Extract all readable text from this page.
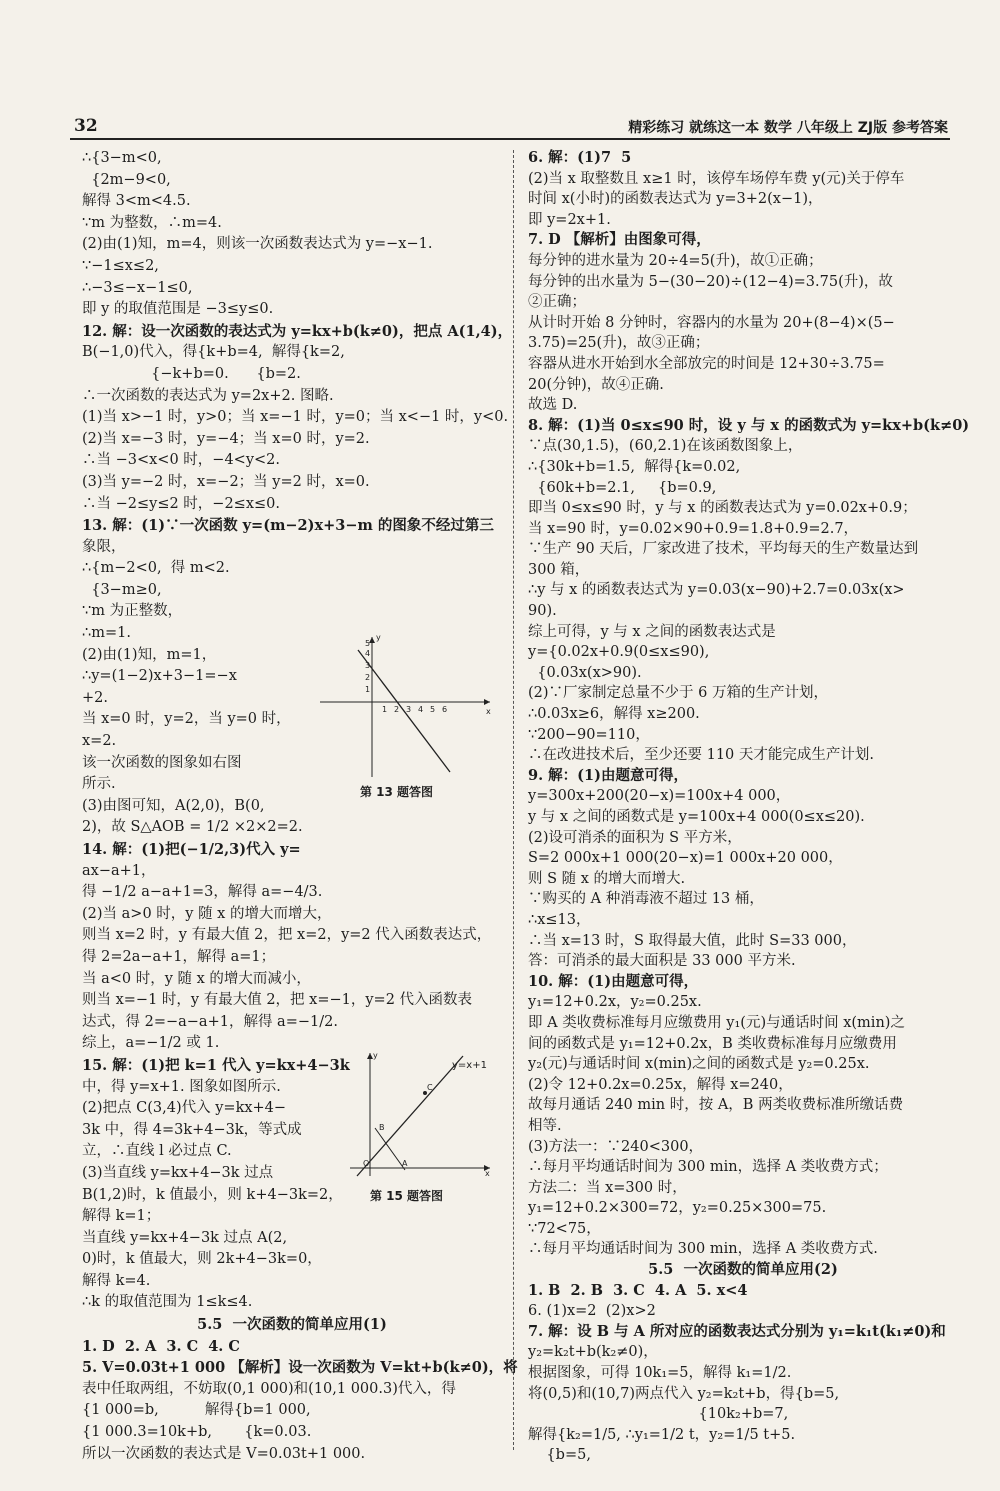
32	精彩练习 就练这一本 数学 八年级上 ZJ版 参考答案
∴{3−m<0,
{2m−9<0,
解得 3<m<4.5.
∵m 为整数，∴m=4.
(2)由(1)知，m=4，则该一次函数表达式为 y=−x−1.
∵−1≤x≤2,
∴−3≤−x−1≤0,
即 y 的取值范围是 −3≤y≤0.
12. 解：设一次函数的表达式为 y=kx+b(k≠0)，把点 A(1,4)，
B(−1,0)代入，得{k+b=4,  解得{k=2,
{−k+b=0.      {b=2.
∴一次函数的表达式为 y=2x+2. 图略.
(1)当 x>−1 时，y>0；当 x=−1 时，y=0；当 x<−1 时，y<0.
(2)当 x=−3 时，y=−4；当 x=0 时，y=2.
∴当 −3<x<0 时，−4<y<2.
(3)当 y=−2 时，x=−2；当 y=2 时，x=0.
∴当 −2≤y≤2 时，−2≤x≤0.
13. 解：(1)∵一次函数 y=(m−2)x+3−m 的图象不经过第三
象限，
∴{m−2<0,  得 m<2.
{3−m≥0,
∵m 为正整数，
∴m=1.
(2)由(1)知，m=1，
∴y=(1−2)x+3−1=−x
+2.
当 x=0 时，y=2，当 y=0 时，
x=2.
该一次函数的图象如右图
所示.
(3)由图可知，A(2,0)，B(0,
2)，故 S△AOB = 1/2 ×2×2=2.
14. 解：(1)把(−1/2,3)代入 y=
ax−a+1，
得 −1/2 a−a+1=3，解得 a=−4/3.
(2)当 a>0 时，y 随 x 的增大而增大，
则当 x=2 时，y 有最大值 2，把 x=2，y=2 代入函数表达式，
得 2=2a−a+1，解得 a=1；
当 a<0 时，y 随 x 的增大而减小，
则当 x=−1 时，y 有最大值 2，把 x=−1，y=2 代入函数表
达式，得 2=−a−a+1，解得 a=−1/2.
综上，a=−1/2 或 1.
15. 解：(1)把 k=1 代入 y=kx+4−3k
中，得 y=x+1. 图象如图所示.
(2)把点 C(3,4)代入 y=kx+4−
3k 中，得 4=3k+4−3k，等式成
立，∴直线 l 必过点 C.
(3)当直线 y=kx+4−3k 过点
B(1,2)时，k 值最小，则 k+4−3k=2，
解得 k=1；
当直线 y=kx+4−3k 过点 A(2,
0)时，k 值最大，则 2k+4−3k=0，
解得 k=4.
∴k 的取值范围为 1≤k≤4.
5.5  一次函数的简单应用(1)
1. D  2. A  3. C  4. C
5. V=0.03t+1 000 【解析】设一次函数为 V=kt+b(k≠0)，将
表中任取两组，不妨取(0,1 000)和(10,1 000.3)代入，得
{1 000=b,          解得{b=1 000,
{1 000.3=10k+b,       {k=0.03.
所以一次函数的表达式是 V=0.03t+1 000.
6. 解：(1)7  5
(2)当 x 取整数且 x≥1 时，该停车场停车费 y(元)关于停车
时间 x(小时)的函数表达式为 y=3+2(x−1)，
即 y=2x+1.
7. D 【解析】由图象可得，
每分钟的进水量为 20÷4=5(升)，故①正确；
每分钟的出水量为 5−(30−20)÷(12−4)=3.75(升)，故
②正确；
从计时开始 8 分钟时，容器内的水量为 20+(8−4)×(5−
3.75)=25(升)，故③正确；
容器从进水开始到水全部放完的时间是 12+30÷3.75=
20(分钟)，故④正确.
故选 D.
8. 解：(1)当 0≤x≤90 时，设 y 与 x 的函数式为 y=kx+b(k≠0)
∵点(30,1.5)，(60,2.1)在该函数图象上，
∴{30k+b=1.5,  解得{k=0.02,
{60k+b=2.1,     {b=0.9,
即当 0≤x≤90 时，y 与 x 的函数表达式为 y=0.02x+0.9；
当 x=90 时，y=0.02×90+0.9=1.8+0.9=2.7，
∵生产 90 天后，厂家改进了技术，平均每天的生产数量达到
300 箱，
∴y 与 x 的函数表达式为 y=0.03(x−90)+2.7=0.03x(x>
90).
综上可得，y 与 x 之间的函数表达式是
y={0.02x+0.9(0≤x≤90),
{0.03x(x>90).
(2)∵厂家制定总量不少于 6 万箱的生产计划，
∴0.03x≥6，解得 x≥200.
∵200−90=110，
∴在改进技术后，至少还要 110 天才能完成生产计划.
9. 解：(1)由题意可得，
y=300x+200(20−x)=100x+4 000，
y 与 x 之间的函数式是 y=100x+4 000(0≤x≤20).
(2)设可消杀的面积为 S 平方米，
S=2 000x+1 000(20−x)=1 000x+20 000，
则 S 随 x 的增大而增大.
∵购买的 A 种消毒液不超过 13 桶，
∴x≤13，
∴当 x=13 时，S 取得最大值，此时 S=33 000，
答：可消杀的最大面积是 33 000 平方米.
10. 解：(1)由题意可得，
y₁=12+0.2x，y₂=0.25x.
即 A 类收费标准每月应缴费用 y₁(元)与通话时间 x(min)之
间的函数式是 y₁=12+0.2x，B 类收费标准每月应缴费用
y₂(元)与通话时间 x(min)之间的函数式是 y₂=0.25x.
(2)令 12+0.2x=0.25x，解得 x=240，
故每月通话 240 min 时，按 A，B 两类收费标准所缴话费
相等.
(3)方法一：∵240<300，
∴每月平均通话时间为 300 min，选择 A 类收费方式；
方法二：当 x=300 时，
y₁=12+0.2×300=72，y₂=0.25×300=75.
∵72<75，
∴每月平均通话时间为 300 min，选择 A 类收费方式.
5.5  一次函数的简单应用(2)
1. B  2. B  3. C  4. A  5. x<4
6. (1)x=2  (2)x>2
7. 解：设 B 与 A 所对应的函数表达式分别为 y₁=k₁t(k₁≠0)和
y₂=k₂t+b(k₂≠0)，
根据图象，可得 10k₁=5，解得 k₁=1/2.
将(0,5)和(10,7)两点代入 y₂=k₂t+b，得{b=5,
{10k₂+b=7,
解得{k₂=1/5, ∴y₁=1/2 t，y₂=1/5 t+5.
{b=5,
1 2 3 4 5 6
1
2
3
4
5
y
x
第 13 题答图
C
B
A
O
y
x
y=x+1
第 15 题答图
